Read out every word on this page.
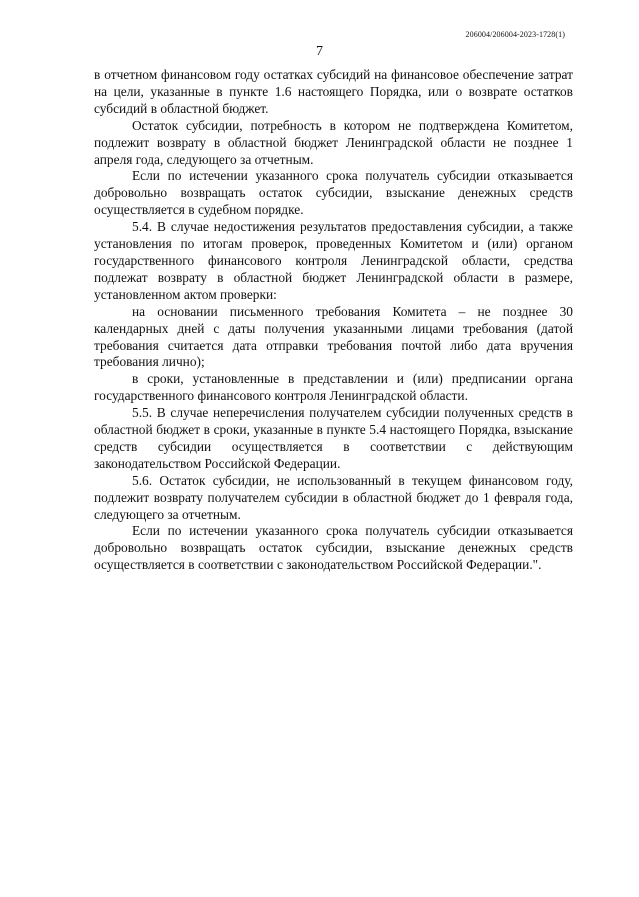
206004/206004-2023-1728(1)
7

в отчетном финансовом году остатках субсидий на финансовое обеспечение затрат на цели, указанные в пункте 1.6 настоящего Порядка, или о возврате остатков субсидий в областной бюджет.

Остаток субсидии, потребность в котором не подтверждена Комитетом, подлежит возврату в областной бюджет Ленинградской области не позднее 1 апреля года, следующего за отчетным.

Если по истечении указанного срока получатель субсидии отказывается добровольно возвращать остаток субсидии, взыскание денежных средств осуществляется в судебном порядке.

5.4. В случае недостижения результатов предоставления субсидии, а также установления по итогам проверок, проведенных Комитетом и (или) органом государственного финансового контроля Ленинградской области, средства подлежат возврату в областной бюджет Ленинградской области в размере, установленном актом проверки:

на основании письменного требования Комитета – не позднее 30 календарных дней с даты получения указанными лицами требования (датой требования считается дата отправки требования почтой либо дата вручения требования лично);

в сроки, установленные в представлении и (или) предписании органа государственного финансового контроля Ленинградской области.

5.5. В случае неперечисления получателем субсидии полученных средств в областной бюджет в сроки, указанные в пункте 5.4 настоящего Порядка, взыскание средств субсидии осуществляется в соответствии с действующим законодательством Российской Федерации.

5.6. Остаток субсидии, не использованный в текущем финансовом году, подлежит возврату получателем субсидии в областной бюджет до 1 февраля года, следующего за отчетным.

Если по истечении указанного срока получатель субсидии отказывается добровольно возвращать остаток субсидии, взыскание денежных средств осуществляется в соответствии с законодательством Российской Федерации.".
